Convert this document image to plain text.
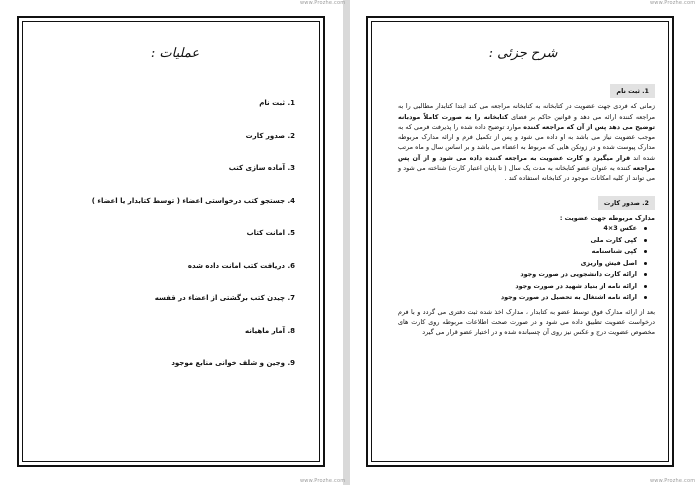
www.Prozhe.com
عملیات :
1. ثبت نام
2. صدور کارت
3. آماده سازی کتب
4. جستجو کتب درخواستی اعضاء ( توسط کتابدار یا اعضاء )
5. امانت کتاب
6. دریافت کتب امانت داده شده
7. چیدن کتب برگشتی از اعضاء در قفسه
8. آمار ماهیانه
9. وجین و شلف خوانی منابع موجود
www.Prozhe.com
www.Prozhe.com
شرح جزئی :
1. ثبت نام

زمانی که فردی جهت عضویت در کتابخانه به کتابخانه مراجعه می کند ابتدا کتابدار مطالبی را به مراجعه کننده ارائه می دهد و قوانین حاکم بر فضای کتابخانه را به صورت کاملاً مودبانه توضیح می دهد پس از آن که مراجعه کننده موارد توضیح داده شده را پذیرفت فرمی که به موجب عضویت نیاز می باشد به او داده می شود و پس از تکمیل فرم و ارائه مدارک مربوطه مدارک پیوست شده و در زونکن هایی که مربوط به اعضاء می باشد و بر اساس سال و ماه مرتب شده اند قرار میگیرد و کارت عضویت به مراجعه کننده داده می شود و از آن پس مراجعه کننده به عنوان عضو کتابخانه به مدت یک سال ( تا پایان اعتبار کارت) شناخته می شود و می تواند از کلیه امکانات موجود در کتابخانه استفاده کند .

2. صدور کارت
مدارک مربوطه جهت عضویت :
عکس 3×4
کپی کارت ملی
کپی شناسنامه
اصل فیش واریزی
ارائه کارت دانشجویی در صورت وجود
ارائه نامه از بنیاد شهید در صورت وجود
ارائه نامه اشتغال به تحصیل در صورت وجود

بعد از ارائه مدارک فوق توسط عضو به کتابدار ، مدارک اخذ شده ثبت دفتری می گردد و با فرم درخواست عضویت تطبیق داده می شود و در صورت صحت اطلاعات مربوطه روی کارت های مخصوص عضویت درج و عکس نیز روی آن چسبانده شده و در اختیار عضو قرار می گیرد

www.Prozhe.com
